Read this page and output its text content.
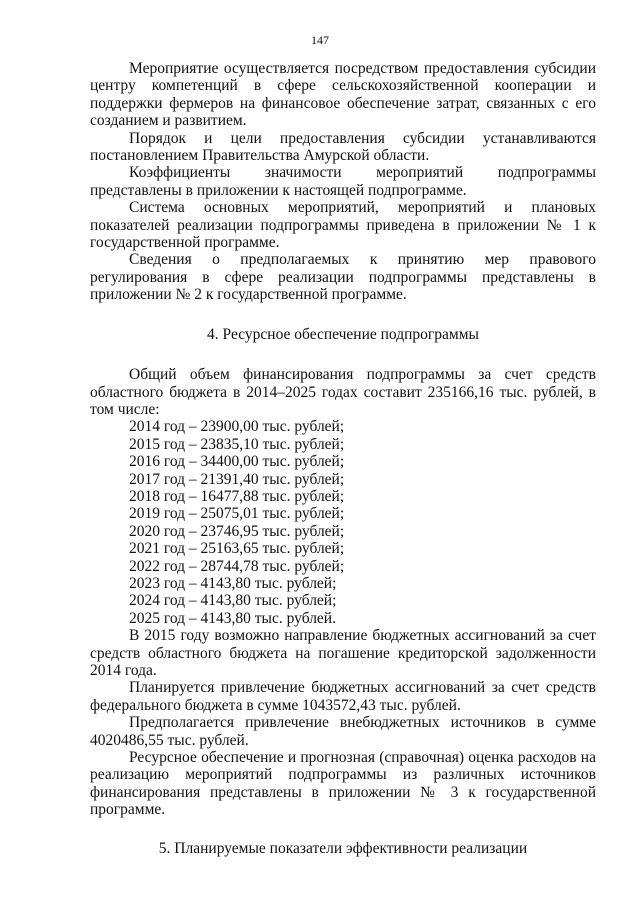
147

Мероприятие осуществляется посредством предоставления субсидии центру компетенций в сфере сельскохозяйственной кооперации и поддержки фермеров на финансовое обеспечение затрат, связанных с его созданием и развитием.

Порядок и цели предоставления субсидии устанавливаются постановлением Правительства Амурской области.

Коэффициенты значимости мероприятий подпрограммы представлены в приложении к настоящей подпрограмме.

Система основных мероприятий, мероприятий и плановых показателей реализации подпрограммы приведена в приложении № 1 к государственной программе.

Сведения о предполагаемых к принятию мер правового регулирования в сфере реализации подпрограммы представлены в приложении № 2 к государственной программе.

4. Ресурсное обеспечение подпрограммы

Общий объем финансирования подпрограммы за счет средств областного бюджета в 2014–2025 годах составит 235166,16 тыс. рублей, в том числе:

2014 год – 23900,00 тыс. рублей;
2015 год – 23835,10 тыс. рублей;
2016 год – 34400,00 тыс. рублей;
2017 год – 21391,40 тыс. рублей;
2018 год – 16477,88 тыс. рублей;
2019 год – 25075,01 тыс. рублей;
2020 год – 23746,95 тыс. рублей;
2021 год – 25163,65 тыс. рублей;
2022 год – 28744,78 тыс. рублей;
2023 год – 4143,80 тыс. рублей;
2024 год – 4143,80 тыс. рублей;
2025 год – 4143,80 тыс. рублей.

В 2015 году возможно направление бюджетных ассигнований за счет средств областного бюджета на погашение кредиторской задолженности 2014 года.

Планируется привлечение бюджетных ассигнований за счет средств федерального бюджета в сумме 1043572,43 тыс. рублей.

Предполагается привлечение внебюджетных источников в сумме 4020486,55 тыс. рублей.

Ресурсное обеспечение и прогнозная (справочная) оценка расходов на реализацию мероприятий подпрограммы из различных источников финансирования представлены в приложении № 3 к государственной программе.

5. Планируемые показатели эффективности реализации
